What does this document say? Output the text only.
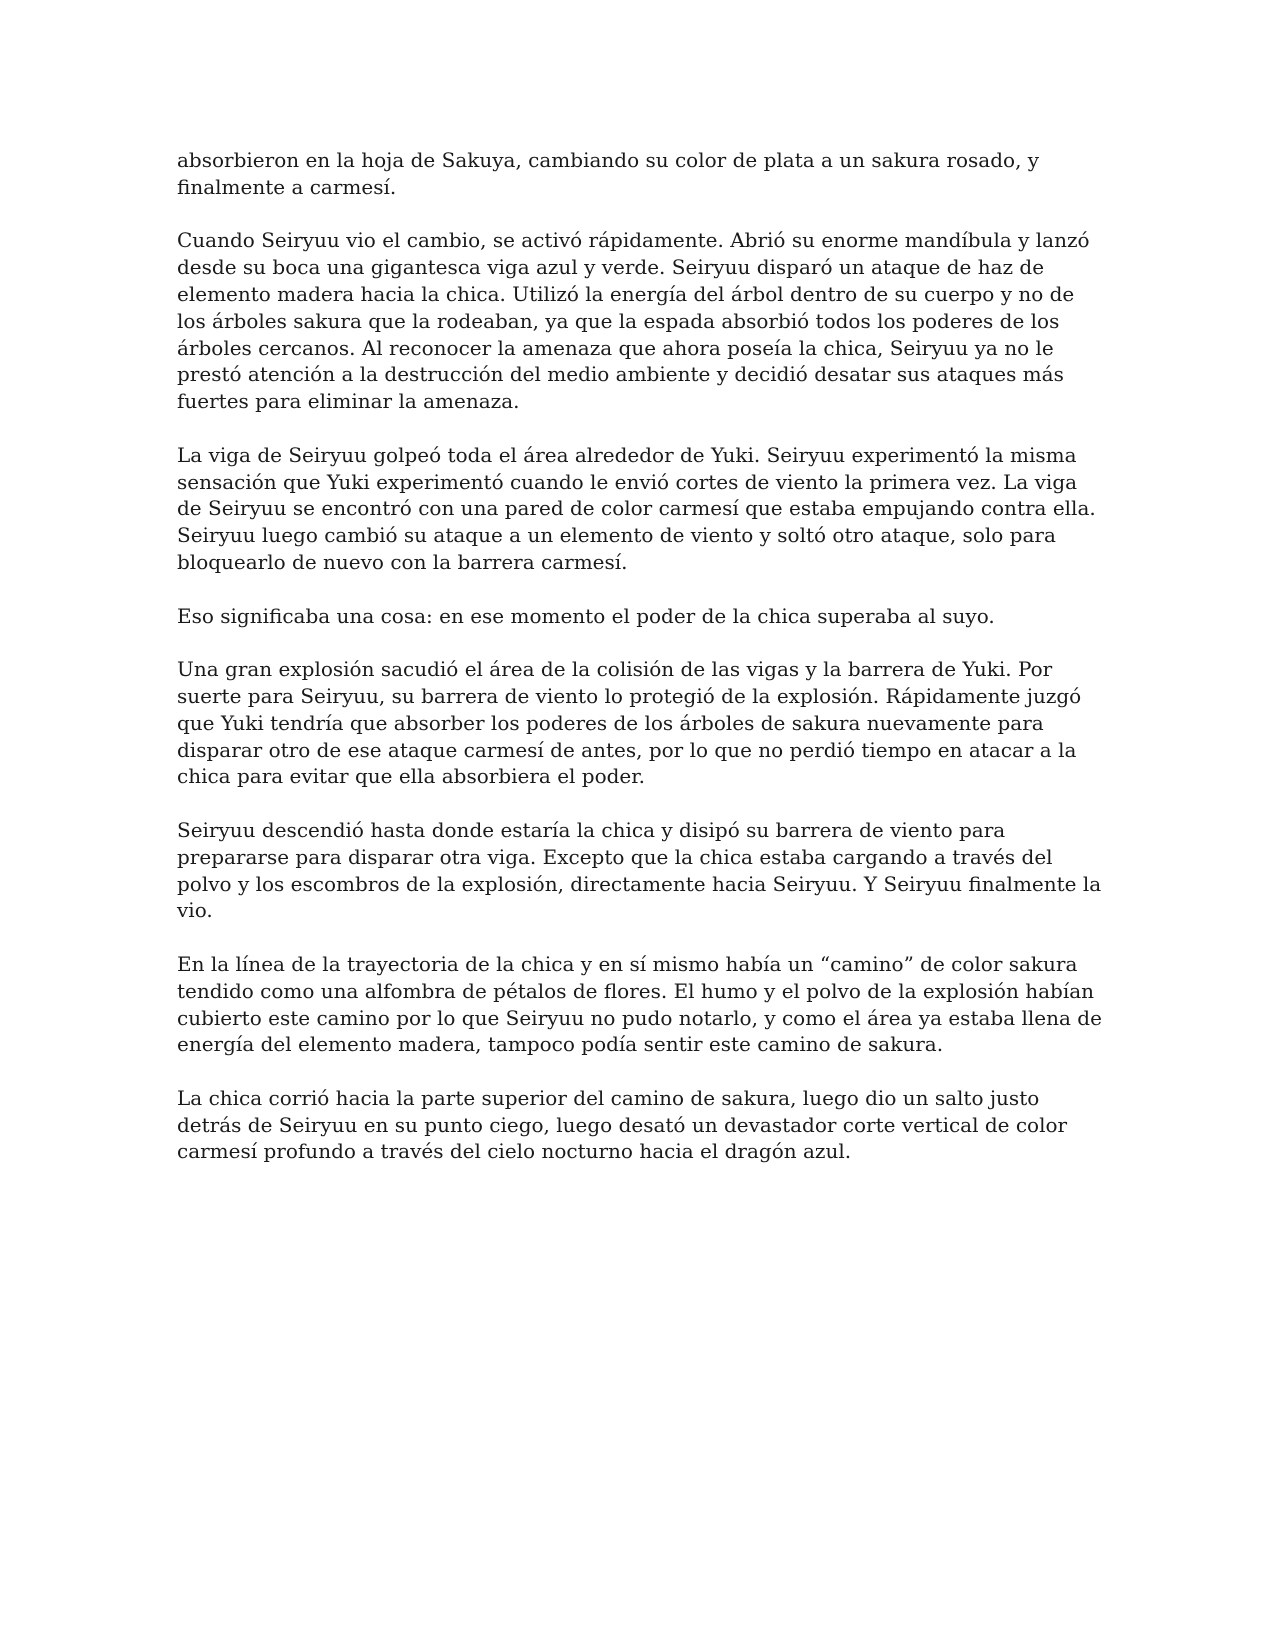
absorbieron en la hoja de Sakuya, cambiando su color de plata a un sakura rosado, y finalmente a carmesí.

Cuando Seiryuu vio el cambio, se activó rápidamente. Abrió su enorme mandíbula y lanzó desde su boca una gigantesca viga azul y verde. Seiryuu disparó un ataque de haz de elemento madera hacia la chica. Utilizó la energía del árbol dentro de su cuerpo y no de los árboles sakura que la rodeaban, ya que la espada absorbió todos los poderes de los árboles cercanos. Al reconocer la amenaza que ahora poseía la chica, Seiryuu ya no le prestó atención a la destrucción del medio ambiente y decidió desatar sus ataques más fuertes para eliminar la amenaza.

La viga de Seiryuu golpeó toda el área alrededor de Yuki. Seiryuu experimentó la misma sensación que Yuki experimentó cuando le envió cortes de viento la primera vez. La viga de Seiryuu se encontró con una pared de color carmesí que estaba empujando contra ella. Seiryuu luego cambió su ataque a un elemento de viento y soltó otro ataque, solo para bloquearlo de nuevo con la barrera carmesí.

Eso significaba una cosa: en ese momento el poder de la chica superaba al suyo.

Una gran explosión sacudió el área de la colisión de las vigas y la barrera de Yuki. Por suerte para Seiryuu, su barrera de viento lo protegió de la explosión. Rápidamente juzgó que Yuki tendría que absorber los poderes de los árboles de sakura nuevamente para disparar otro de ese ataque carmesí de antes, por lo que no perdió tiempo en atacar a la chica para evitar que ella absorbiera el poder.

Seiryuu descendió hasta donde estaría la chica y disipó su barrera de viento para prepararse para disparar otra viga. Excepto que la chica estaba cargando a través del polvo y los escombros de la explosión, directamente hacia Seiryuu. Y Seiryuu finalmente la vio.

En la línea de la trayectoria de la chica y en sí mismo había un “camino” de color sakura tendido como una alfombra de pétalos de flores. El humo y el polvo de la explosión habían cubierto este camino por lo que Seiryuu no pudo notarlo, y como el área ya estaba llena de energía del elemento madera, tampoco podía sentir este camino de sakura.

La chica corrió hacia la parte superior del camino de sakura, luego dio un salto justo detrás de Seiryuu en su punto ciego, luego desató un devastador corte vertical de color carmesí profundo a través del cielo nocturno hacia el dragón azul.
